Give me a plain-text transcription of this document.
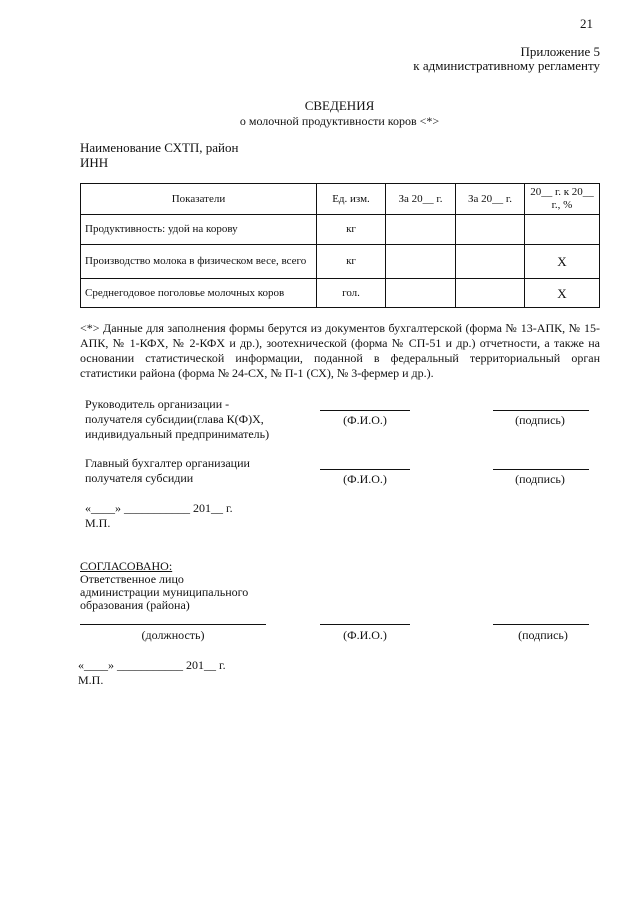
21
Приложение 5
к административному регламенту
СВЕДЕНИЯ
о молочной продуктивности коров <*>
Наименование СХТП, район
ИНН
Показатели	Ед. изм.	За 20__ г.	За 20__ г.	20__ г. к 20__ г., %
Продуктивность: удой на корову	кг			
Производство молока в физическом весе, всего	кг			Х
Среднегодовое поголовье молочных коров	гол.			Х
<*> Данные для заполнения формы берутся из документов бухгалтерской (форма № 13-АПК, № 15-АПК, № 1-КФХ, № 2-КФХ и др.), зоотехнической (форма № СП-51 и др.) отчетности, а также на основании статистической информации, поданной в федеральный территориальный орган статистики района (форма № 24-СХ, № П-1 (СХ), № 3-фермер и др.).
Руководитель организации -
получателя субсидии(глава К(Ф)Х,
индивидуальный предприниматель)
(Ф.И.О.)	(подпись)
Главный бухгалтер организации
получателя субсидии	(Ф.И.О.)	(подпись)
«____» ___________ 201__ г.
М.П.
СОГЛАСОВАНО:
Ответственное лицо
администрации муниципального
образования (района)
(должность)	(Ф.И.О.)	(подпись)
«____» ___________ 201__ г.
М.П.
